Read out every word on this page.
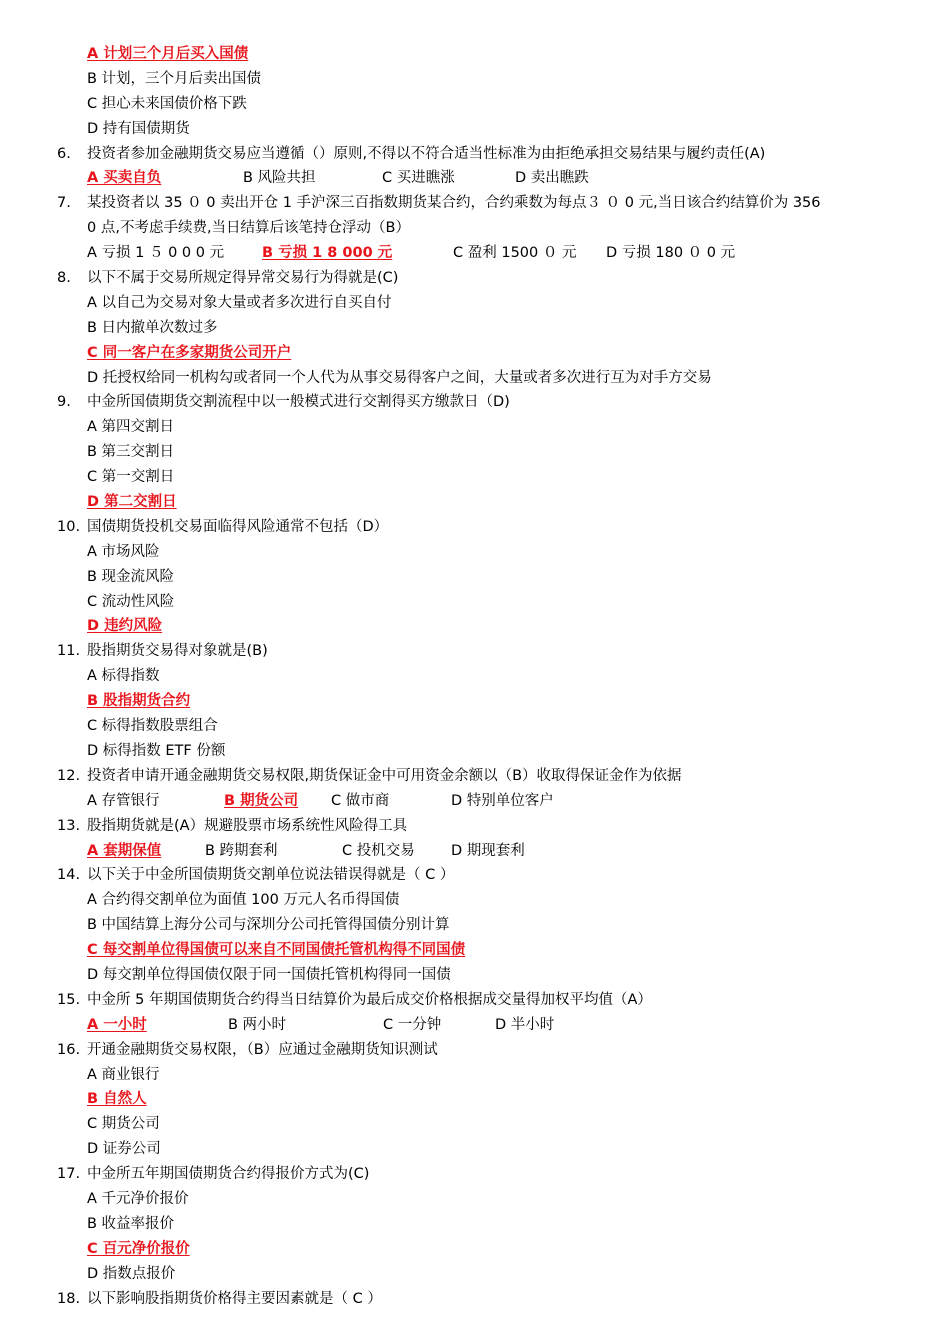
A 计划三个月后买入国债
B 计划，三个月后卖出国债
C 担心未来国债价格下跌
D 持有国债期货
6.	投资者参加金融期货交易应当遵循（）原则,不得以不符合适当性标准为由拒绝承担交易结果与履约责任(A)
A 买卖自负	B 风险共担	C 买进瞧涨	D 卖出瞧跌
7.	某投资者以 35 ０ 0 卖出开仓 1 手沪深三百指数期货某合约，合约乘数为每点３ ０ 0 元,当日该合约结算价为 356
0 点,不考虑手续费,当日结算后该笔持仓浮动（B）
A 亏损 1 ５ 0 0 0 元	B 亏损 1 8 000 元	C 盈利 1500 ０ 元 D 亏损 180 ０ 0 元
8.	以下不属于交易所规定得异常交易行为得就是(C)
A 以自己为交易对象大量或者多次进行自买自付
B 日内撤单次数过多
C 同一客户在多家期货公司开户
D 托授权给同一机构勾或者同一个人代为从事交易得客户之间，大量或者多次进行互为对手方交易
9.	中金所国债期货交割流程中以一般模式进行交割得买方缴款日（D)
A 第四交割日
B 第三交割日
C 第一交割日
D 第二交割日
10. 国债期货投机交易面临得风险通常不包括（D）
A 市场风险
B 现金流风险
C 流动性风险
D 违约风险
11. 股指期货交易得对象就是(B)
A 标得指数
B 股指期货合约
C 标得指数股票组合
D 标得指数 ETF 份额
12. 投资者申请开通金融期货交易权限,期货保证金中可用资金余额以（B）收取得保证金作为依据
A 存管银行	B 期货公司 C 做市商	D 特别单位客户
13. 股指期货就是(A）规避股票市场系统性风险得工具
A 套期保值	B 跨期套利	C 投机交易	D 期现套利
14. 以下关于中金所国债期货交割单位说法错误得就是（ C ）
A 合约得交割单位为面值 100 万元人名币得国债
B 中国结算上海分公司与深圳分公司托管得国债分别计算
C 每交割单位得国债可以来自不同国债托管机构得不同国债
D 每交割单位得国债仅限于同一国债托管机构得同一国债
15. 中金所 5 年期国债期货合约得当日结算价为最后成交价格根据成交量得加权平均值（A）
A 一小时	B 两小时	C 一分钟	D 半小时
16. 开通金融期货交易权限，（B）应通过金融期货知识测试
A 商业银行
B 自然人
C 期货公司
D 证券公司
17. 中金所五年期国债期货合约得报价方式为(C)
A 千元净价报价
B 收益率报价
C 百元净价报价
D 指数点报价
18. 以下影响股指期货价格得主要因素就是（ C ）
